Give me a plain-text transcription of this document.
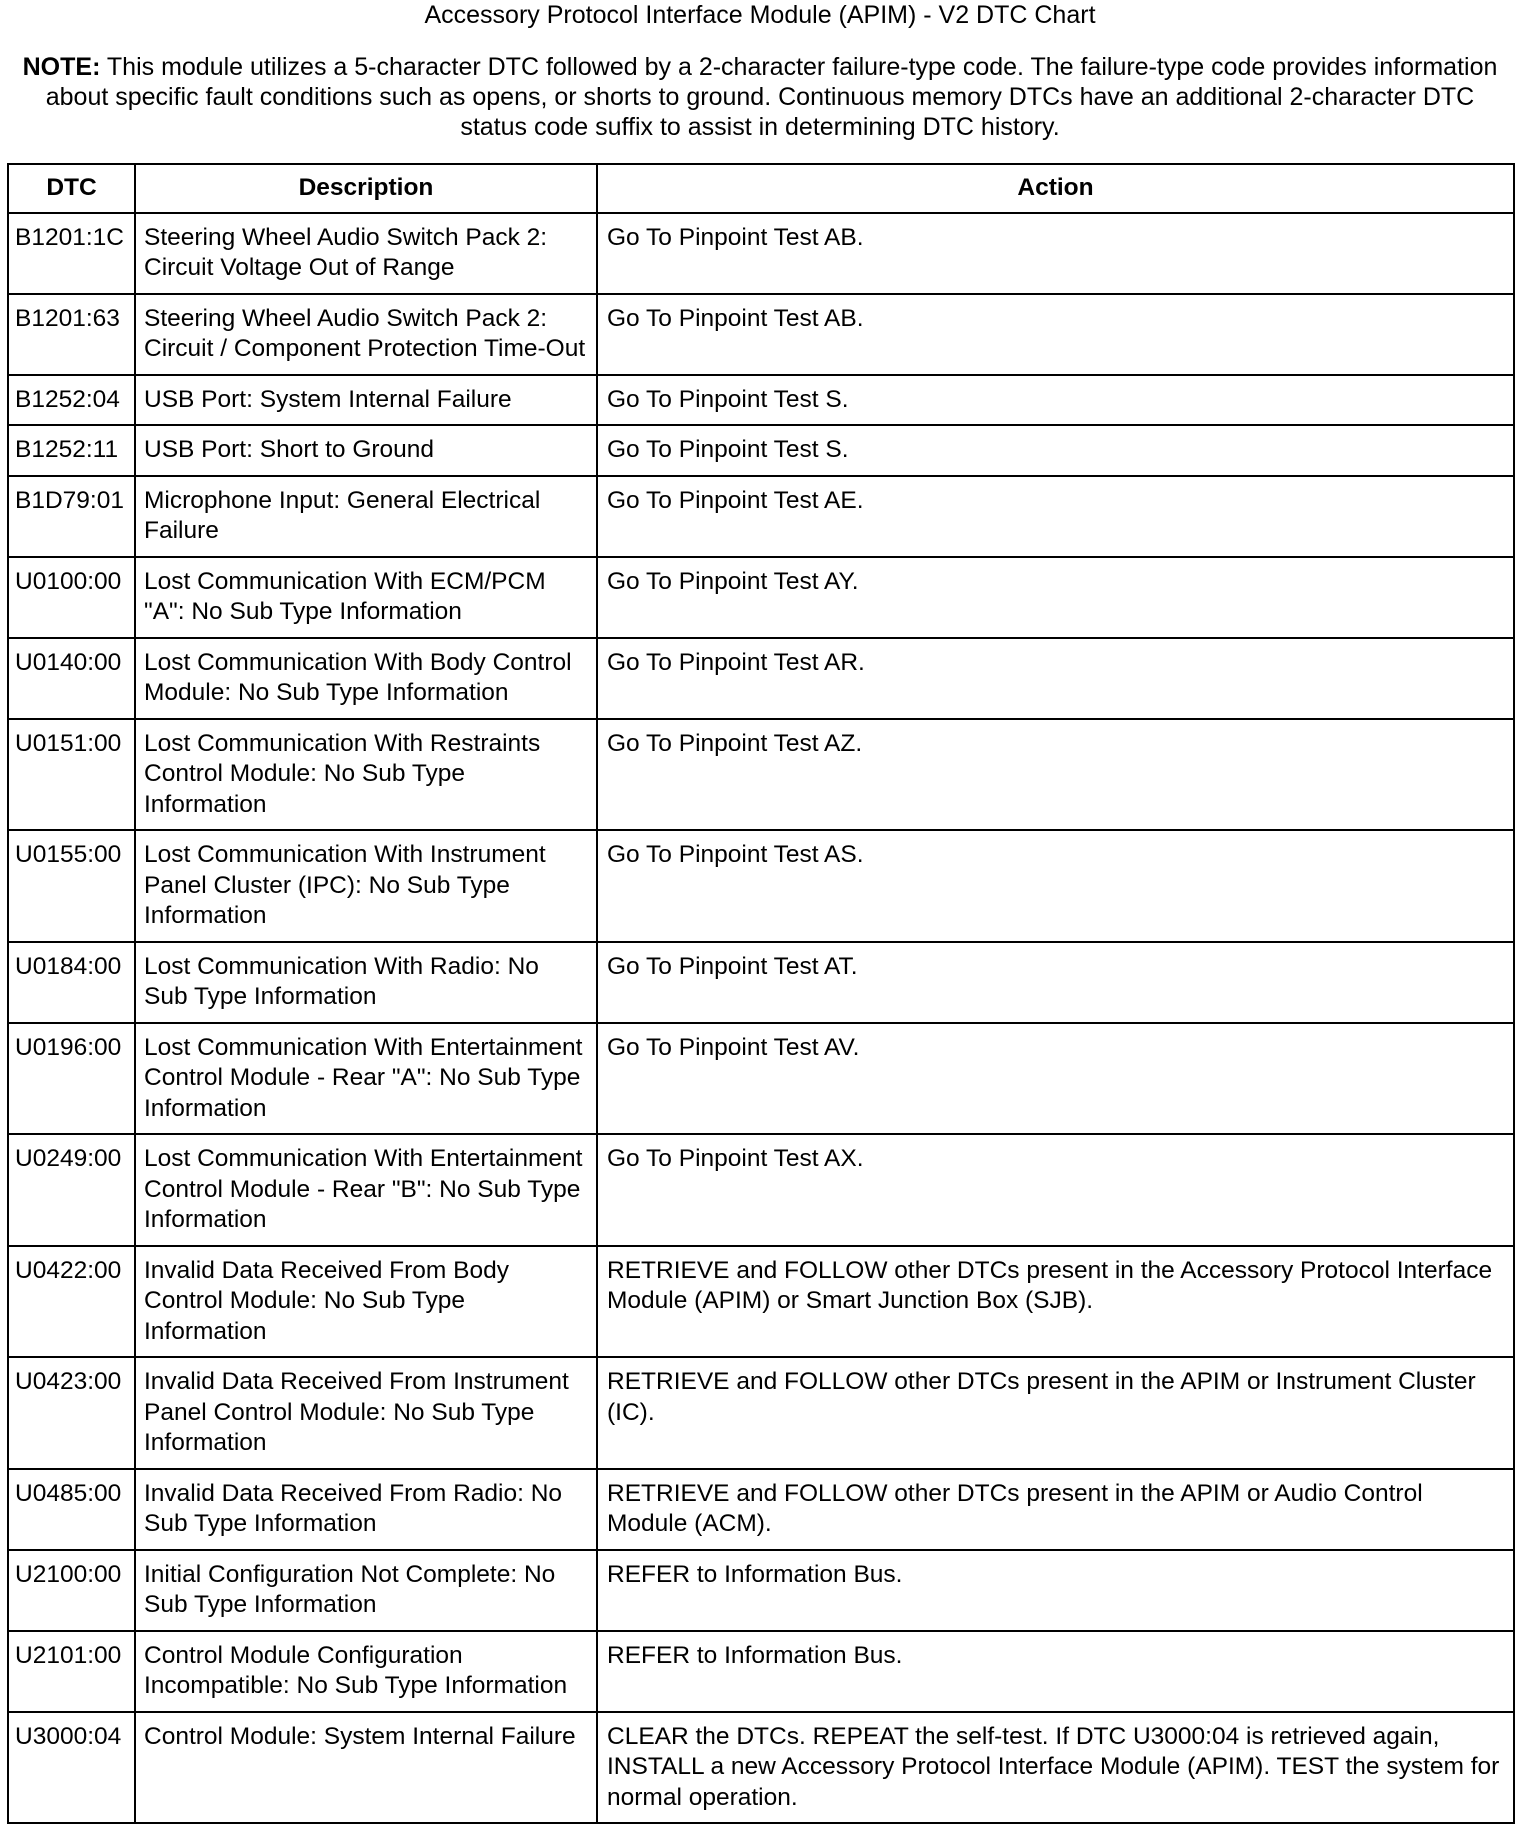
Accessory Protocol Interface Module (APIM) - V2 DTC Chart
NOTE: This module utilizes a 5-character DTC followed by a 2-character failure-type code. The failure-type code provides information about specific fault conditions such as opens, or shorts to ground. Continuous memory DTCs have an additional 2-character DTC status code suffix to assist in determining DTC history.
DTC	Description	Action
B1201:1C	Steering Wheel Audio Switch Pack 2: Circuit Voltage Out of Range	Go To Pinpoint Test AB.
B1201:63	Steering Wheel Audio Switch Pack 2: Circuit / Component Protection Time-Out	Go To Pinpoint Test AB.
B1252:04	USB Port: System Internal Failure	Go To Pinpoint Test S.
B1252:11	USB Port: Short to Ground	Go To Pinpoint Test S.
B1D79:01	Microphone Input: General Electrical Failure	Go To Pinpoint Test AE.
U0100:00	Lost Communication With ECM/PCM "A": No Sub Type Information	Go To Pinpoint Test AY.
U0140:00	Lost Communication With Body Control Module: No Sub Type Information	Go To Pinpoint Test AR.
U0151:00	Lost Communication With Restraints Control Module: No Sub Type Information	Go To Pinpoint Test AZ.
U0155:00	Lost Communication With Instrument Panel Cluster (IPC): No Sub Type Information	Go To Pinpoint Test AS.
U0184:00	Lost Communication With Radio: No Sub Type Information	Go To Pinpoint Test AT.
U0196:00	Lost Communication With Entertainment Control Module - Rear "A": No Sub Type Information	Go To Pinpoint Test AV.
U0249:00	Lost Communication With Entertainment Control Module - Rear "B": No Sub Type Information	Go To Pinpoint Test AX.
U0422:00	Invalid Data Received From Body Control Module: No Sub Type Information	RETRIEVE and FOLLOW other DTCs present in the Accessory Protocol Interface Module (APIM) or Smart Junction Box (SJB).
U0423:00	Invalid Data Received From Instrument Panel Control Module: No Sub Type Information	RETRIEVE and FOLLOW other DTCs present in the APIM or Instrument Cluster (IC).
U0485:00	Invalid Data Received From Radio: No Sub Type Information	RETRIEVE and FOLLOW other DTCs present in the APIM or Audio Control Module (ACM).
U2100:00	Initial Configuration Not Complete: No Sub Type Information	REFER to Information Bus.
U2101:00	Control Module Configuration Incompatible: No Sub Type Information	REFER to Information Bus.
U3000:04	Control Module: System Internal Failure	CLEAR the DTCs. REPEAT the self-test. If DTC U3000:04 is retrieved again, INSTALL a new Accessory Protocol Interface Module (APIM). TEST the system for normal operation.
